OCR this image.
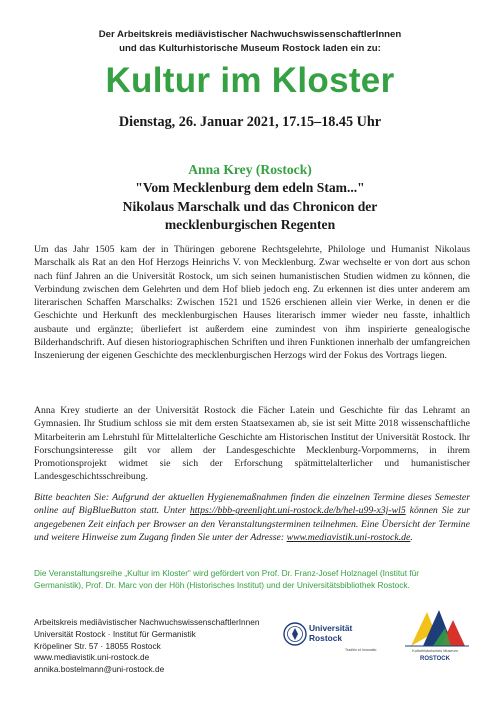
Der Arbeitskreis mediävistischer NachwuchswissenschaftlerInnen
und das Kulturhistorische Museum Rostock laden ein zu:
Kultur im Kloster
Dienstag, 26. Januar 2021, 17.15–18.45 Uhr
Anna Krey (Rostock)
"Vom Mecklenburg dem edeln Stam..."
Nikolaus Marschalk und das Chronicon der
mecklenburgischen Regenten

Um das Jahr 1505 kam der in Thüringen geborene Rechtsgelehrte, Philologe und Humanist Nikolaus Marschalk als Rat an den Hof Herzogs Heinrichs V. von Mecklenburg. Zwar wechselte er von dort aus schon nach fünf Jahren an die Universität Rostock, um sich seinen humanistischen Studien widmen zu können, die Verbindung zwischen dem Gelehrten und dem Hof blieb jedoch eng. Zu erkennen ist dies unter anderem am literarischen Schaffen Marschalks: Zwischen 1521 und 1526 erschienen allein vier Werke, in denen er die Geschichte und Herkunft des mecklenburgischen Hauses literarisch immer wieder neu fasste, inhaltlich ausbaute und ergänzte; überliefert ist außerdem eine zumindest von ihm inspirierte genealogische Bilderhandschrift. Auf diesen historiographischen Schriften und ihren Funktionen innerhalb der umfangreichen Inszenierung der eigenen Geschichte des mecklenburgischen Herzogs wird der Fokus des Vortrags liegen.

Anna Krey studierte an der Universität Rostock die Fächer Latein und Geschichte für das Lehramt an Gymnasien. Ihr Studium schloss sie mit dem ersten Staatsexamen ab, sie ist seit Mitte 2018 wissenschaftliche Mitarbeiterin am Lehrstuhl für Mittelalterliche Geschichte am Historischen Institut der Universität Rostock. Ihr Forschungsinteresse gilt vor allem der Landesgeschichte Mecklenburg-Vorpommerns, in ihrem Promotionsprojekt widmet sie sich der Erforschung spätmittelalterlicher und humanistischer Landesgeschichtsschreibung.

Bitte beachten Sie: Aufgrund der aktuellen Hygienemaßnahmen finden die einzelnen Termine dieses Semester online auf BigBlueButton statt. Unter https://bbb-greenlight.uni-rostock.de/b/hel-u99-x3j-wl5 können Sie zur angegebenen Zeit einfach per Browser an den Veranstaltungsterminen teilnehmen. Eine Übersicht der Termine und weitere Hinweise zum Zugang finden Sie unter der Adresse: www.mediavistik.uni-rostock.de.

Die Veranstaltungsreihe „Kultur im Kloster“ wird gefördert von Prof. Dr. Franz-Josef Holznagel (Institut für Germanistik), Prof. Dr. Marc von der Höh (Historisches Institut) und der Universitätsbibliothek Rostock.

Arbeitskreis mediävistischer NachwuchswissenschaftlerInnen
Universität Rostock · Institut für Germanistik
Kröpeliner Str. 57 · 18055 Rostock
www.mediavistik.uni-rostock.de
annika.bostelmann@uni-rostock.de
Universität
Rostock
Traditio et Innovatio	Kulturhistorisches Museum
ROSTOCK
